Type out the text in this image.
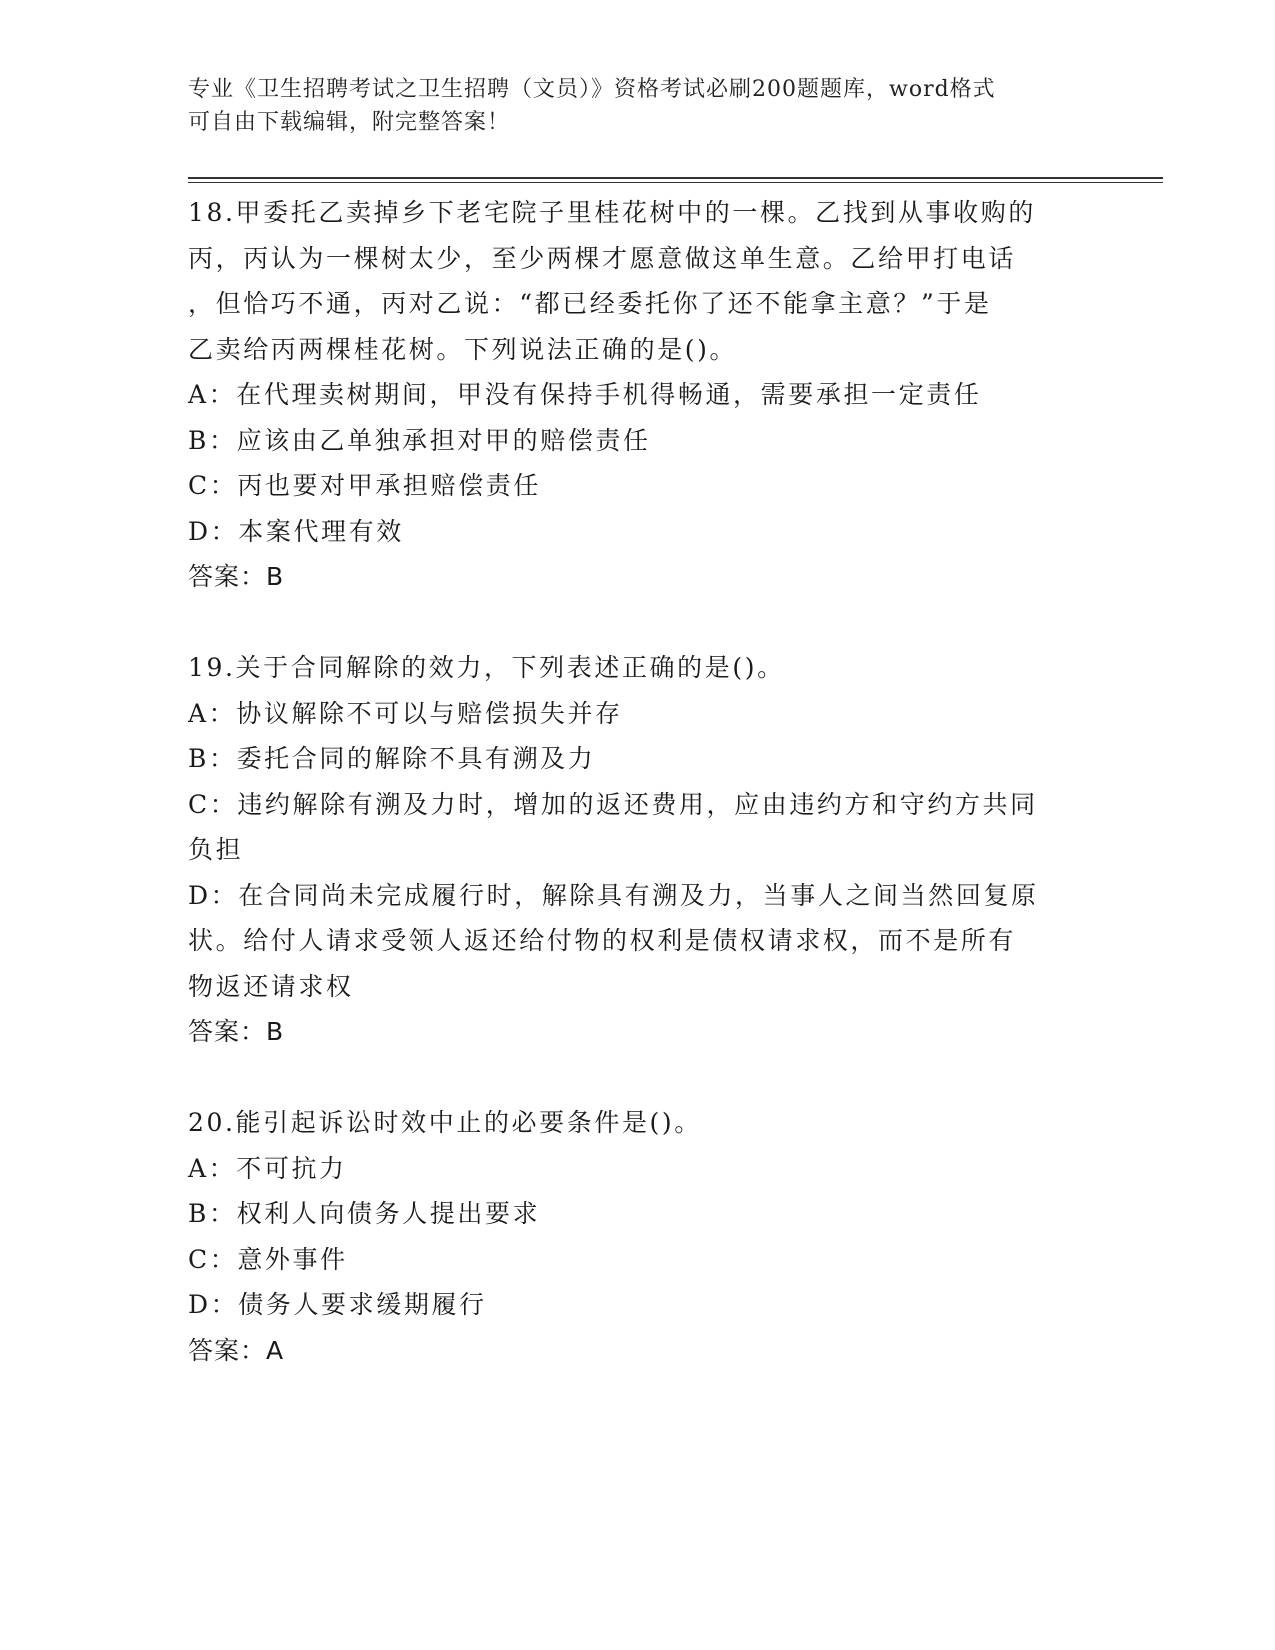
专业《卫生招聘考试之卫生招聘（文员）》资格考试必刷200题题库，word格式
可自由下载编辑，附完整答案！
18.甲委托乙卖掉乡下老宅院子里桂花树中的一棵。乙找到从事收购的
丙，丙认为一棵树太少，至少两棵才愿意做这单生意。乙给甲打电话
，但恰巧不通，丙对乙说：“都已经委托你了还不能拿主意？”于是
乙卖给丙两棵桂花树。下列说法正确的是()。
A：在代理卖树期间，甲没有保持手机得畅通，需要承担一定责任
B：应该由乙单独承担对甲的赔偿责任
C：丙也要对甲承担赔偿责任
D：本案代理有效
答案：B
19.关于合同解除的效力，下列表述正确的是()。
A：协议解除不可以与赔偿损失并存
B：委托合同的解除不具有溯及力
C：违约解除有溯及力时，增加的返还费用，应由违约方和守约方共同
负担
D：在合同尚未完成履行时，解除具有溯及力，当事人之间当然回复原
状。给付人请求受领人返还给付物的权利是债权请求权，而不是所有
物返还请求权
答案：B
20.能引起诉讼时效中止的必要条件是()。
A：不可抗力
B：权利人向债务人提出要求
C：意外事件
D：债务人要求缓期履行
答案：A
